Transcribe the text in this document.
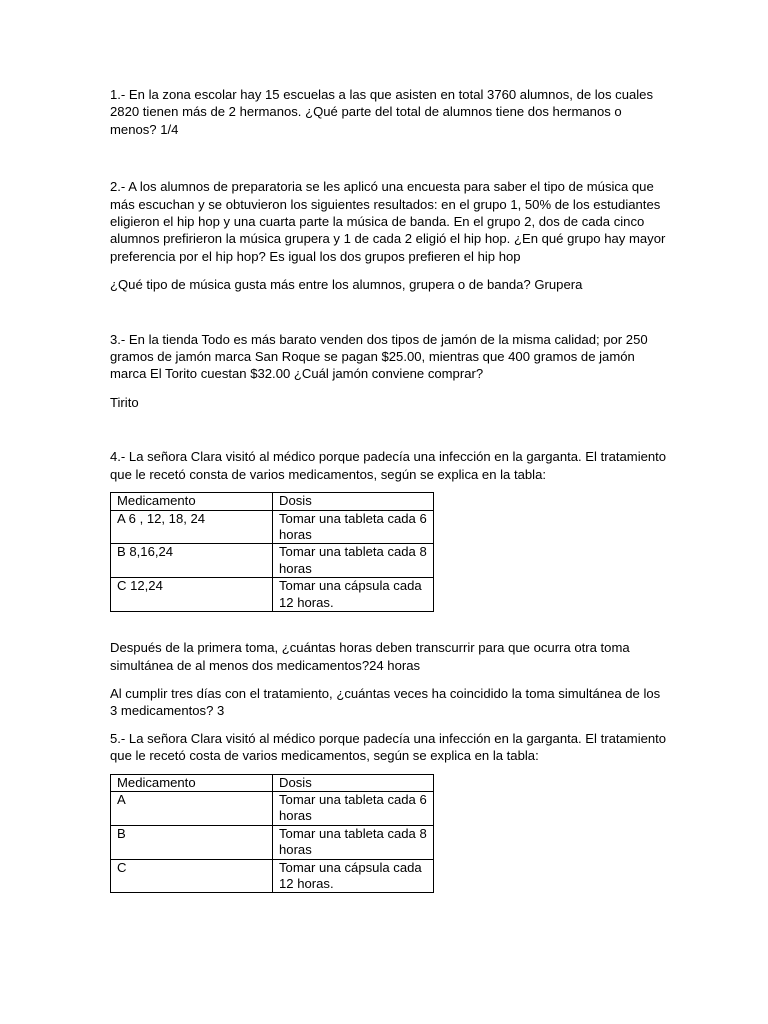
1.- En la zona escolar hay 15 escuelas a las que asisten en total 3760 alumnos, de los cuales 2820 tienen más de 2 hermanos. ¿Qué parte del total de alumnos tiene dos hermanos o menos? 1/4

2.- A los alumnos de preparatoria se les aplicó una encuesta para saber el tipo de música que más escuchan y se obtuvieron los siguientes resultados: en el grupo 1, 50% de los estudiantes eligieron el hip hop y una cuarta parte la música de banda. En el grupo 2, dos de cada cinco alumnos prefirieron la música grupera y 1 de cada 2 eligió el hip hop. ¿En qué grupo hay mayor preferencia por el hip hop? Es igual los dos grupos prefieren el hip hop

¿Qué tipo de música gusta más entre los alumnos, grupera o de banda? Grupera

3.- En la tienda Todo es más barato venden dos tipos de jamón de la misma calidad; por 250 gramos de jamón marca San Roque se pagan $25.00, mientras que 400 gramos de jamón marca El Torito cuestan $32.00 ¿Cuál jamón conviene comprar?

Tirito

4.- La señora Clara visitó al médico porque padecía una infección en la garganta. El tratamiento que le recetó consta de varios medicamentos, según se explica en la tabla:

Medicamento	Dosis
A 6 , 12, 18, 24	Tomar una tableta cada 6 horas
B 8,16,24	Tomar una tableta cada 8 horas
C 12,24	Tomar una cápsula cada 12 horas.

Después de la primera toma, ¿cuántas horas deben transcurrir para que ocurra otra toma simultánea de al menos dos medicamentos?24 horas

Al cumplir tres días con el tratamiento, ¿cuántas veces ha coincidido la toma simultánea de los 3 medicamentos? 3

5.- La señora Clara visitó al médico porque padecía una infección en la garganta. El tratamiento que le recetó costa de varios medicamentos, según se explica en la tabla:

Medicamento	Dosis
A	Tomar una tableta cada 6 horas
B	Tomar una tableta cada 8 horas
C	Tomar una cápsula cada 12 horas.
